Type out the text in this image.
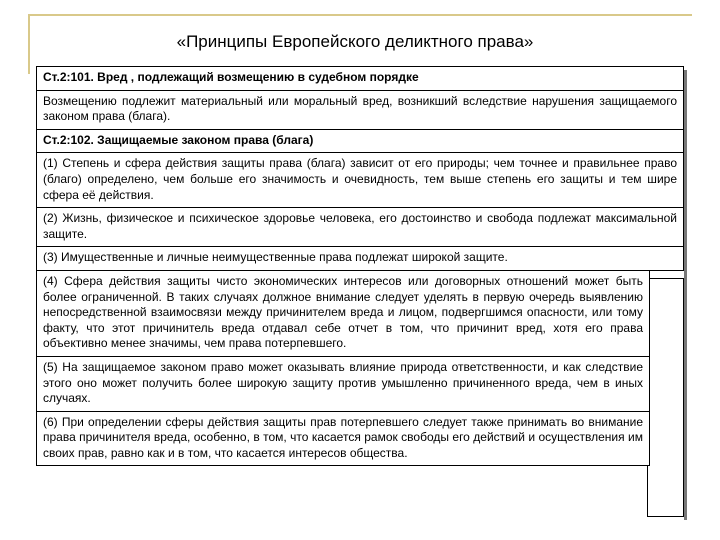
«Принципы Европейского деликтного права»
Ст.2:101. Вред , подлежащий возмещению в судебном порядке
Возмещению подлежит материальный или моральный вред, возникший вследствие нарушения защищаемого законом права (блага).
Ст.2:102. Защищаемые законом права (блага)
(1) Степень и сфера действия защиты права (блага) зависит от его природы; чем точнее и правильнее право (благо) определено, чем больше его значимость и очевидность, тем выше степень его защиты и тем шире сфера её действия.
(2) Жизнь, физическое и психическое здоровье человека, его достоинство и свобода подлежат максимальной защите.
(3) Имущественные и личные неимущественные права подлежат широкой защите.
(4) Сфера действия защиты чисто экономических интересов или договорных отношений может быть более ограниченной. В таких случаях должное внимание следует уделять в первую очередь выявлению непосредственной взаимосвязи между причинителем вреда и лицом, подвергшимся опасности, или тому факту, что этот причинитель вреда отдавал себе отчет в том, что причинит вред, хотя его права объективно менее значимы, чем права потерпевшего.
(5) На защищаемое законом право может оказывать влияние природа ответственности, и как следствие этого оно может получить более широкую защиту против умышленно причиненного вреда, чем в иных случаях.
(6) При определении сферы действия защиты прав потерпевшего следует также принимать во внимание права причинителя вреда, особенно, в том, что касается рамок свободы его действий и осуществления им своих прав, равно как и в том, что касается интересов общества.
